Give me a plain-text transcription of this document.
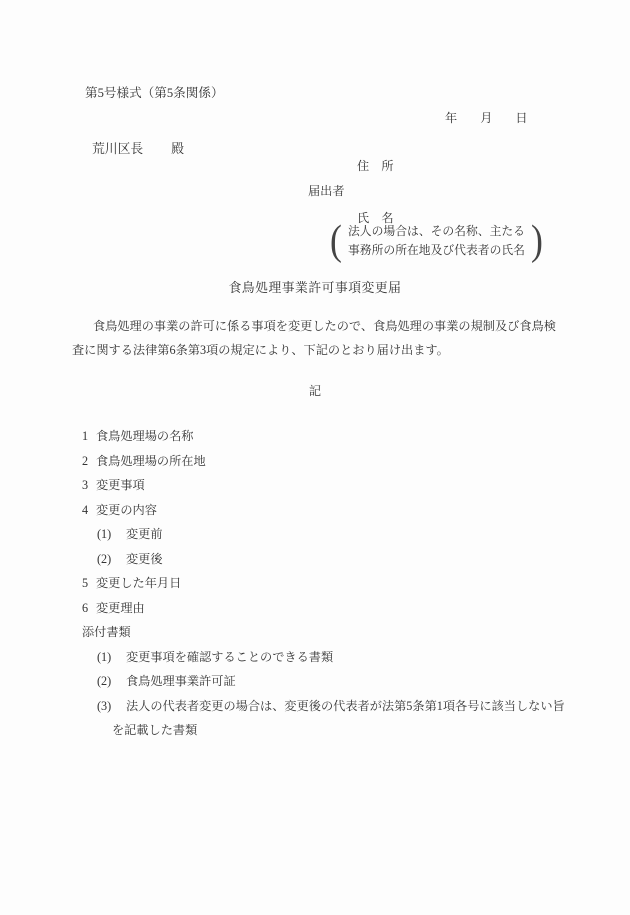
第5号様式（第5条関係）
年 月 日
荒川区長 殿
住　所
届出者
氏　名
( 法人の場合は、その名称、主たる
事務所の所在地及び代表者の氏名 )
食鳥処理事業許可事項変更届
食鳥処理の事業の許可に係る事項を変更したので、食鳥処理の事業の規制及び食鳥検
査に関する法律第6条第3項の規定により、下記のとおり届け出ます。
記
1 食鳥処理場の名称
2 食鳥処理場の所在地
3 変更事項
4 変更の内容
(1) 変更前
(2) 変更後
5 変更した年月日
6 変更理由
添付書類
(1) 変更事項を確認することのできる書類
(2) 食鳥処理事業許可証
(3) 法人の代表者変更の場合は、変更後の代表者が法第5条第1項各号に該当しない旨
を記載した書類
